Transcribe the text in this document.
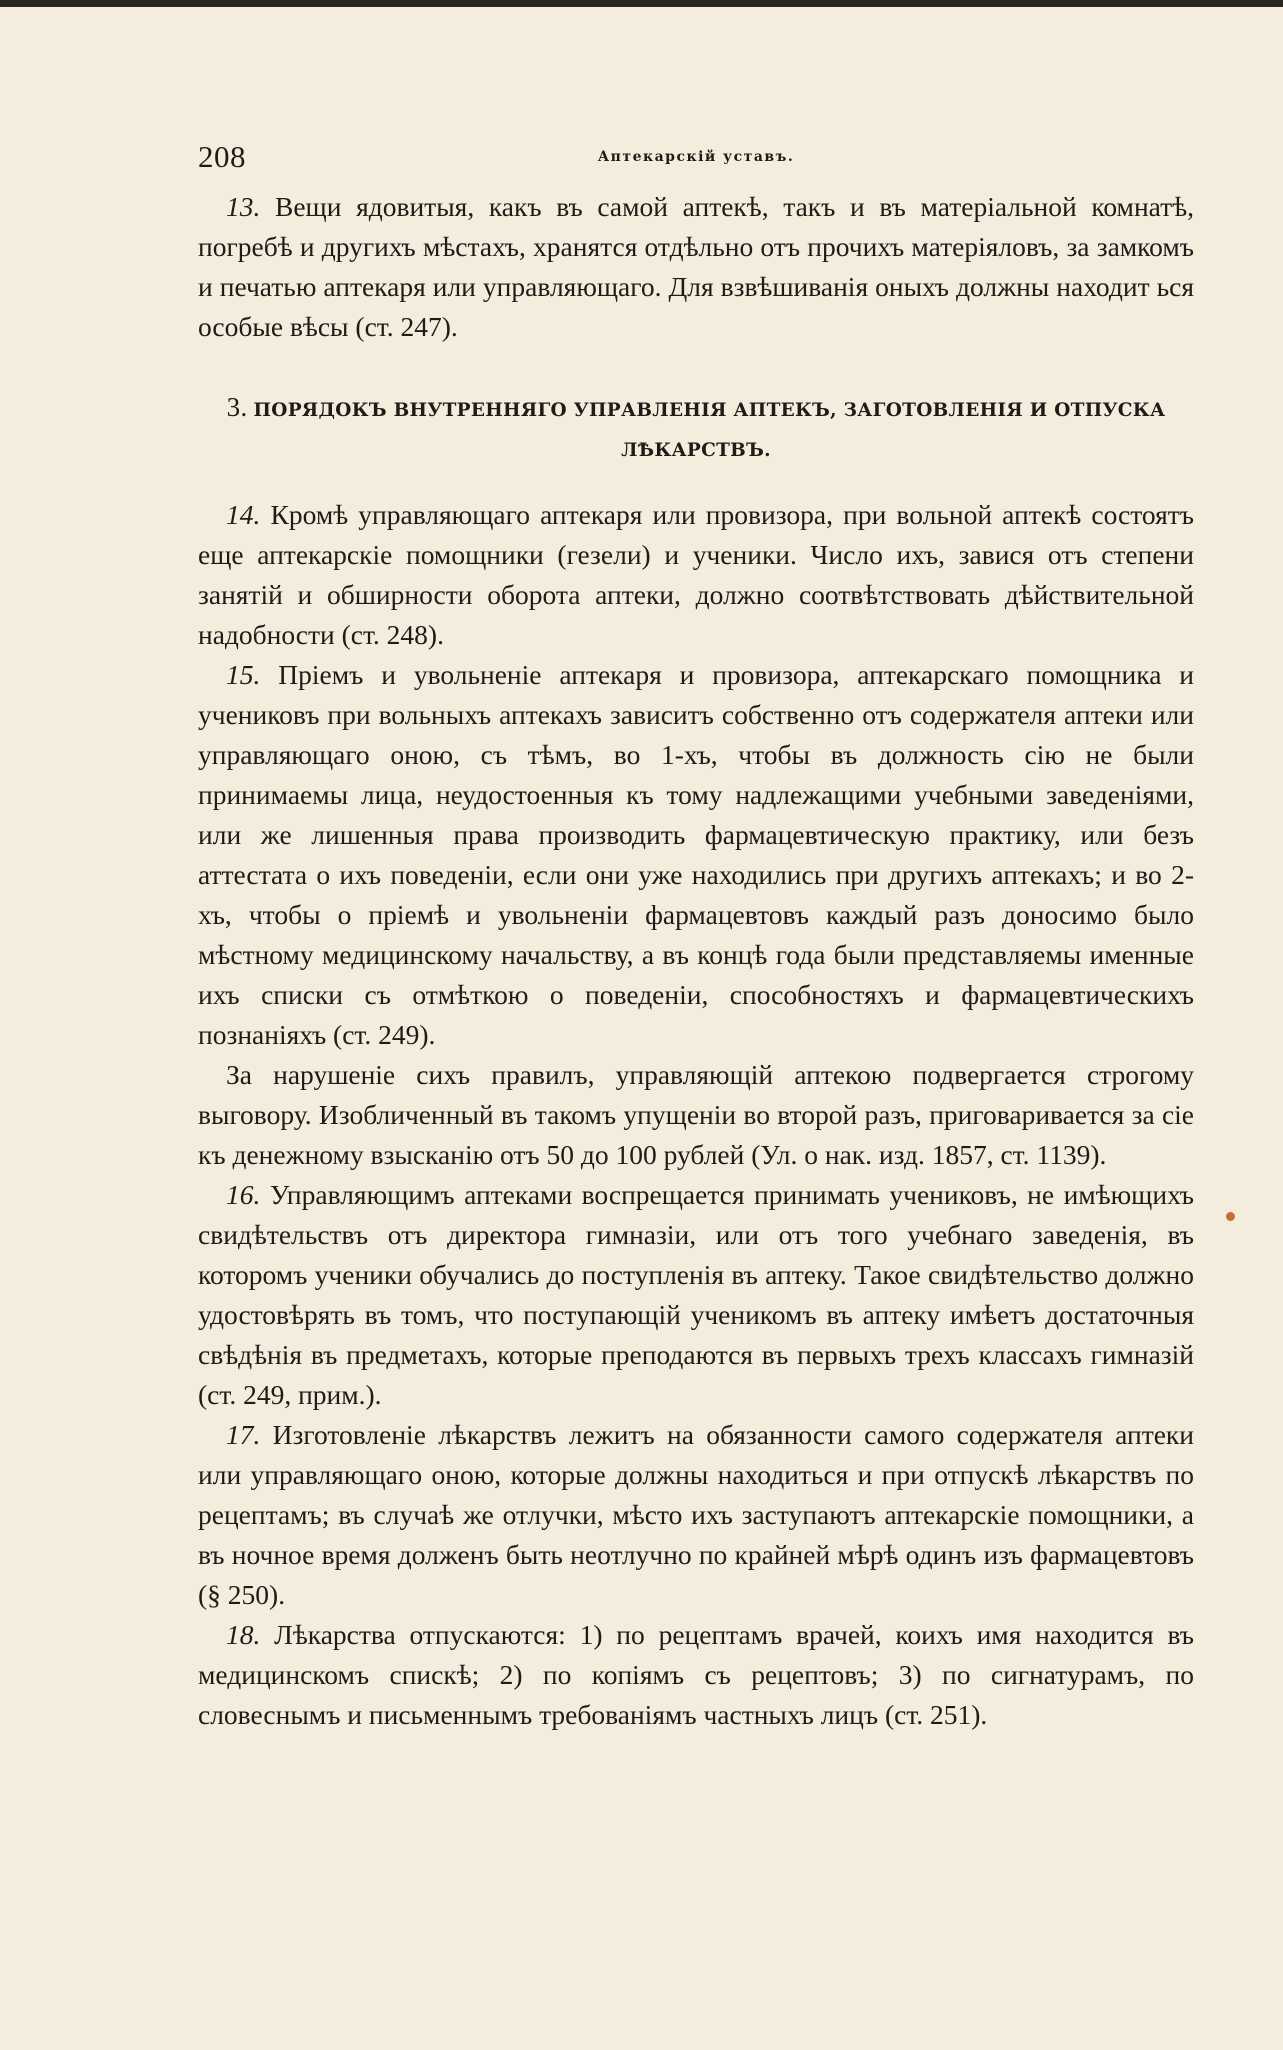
208	Аптекарскій уставъ.

13. Вещи ядовитыя, какъ въ самой аптекѣ, такъ и въ матеріальной комнатѣ, погребѣ и другихъ мѣстахъ, хранятся отдѣльно отъ прочихъ матеріяловъ, за замкомъ и печатью аптекаря или управляющаго. Для взвѣшиванія оныхъ должны находит ься особые вѣсы (ст. 247).

3. ПОРЯДОКЪ ВНУТРЕННЯГО УПРАВЛЕНІЯ АПТЕКЪ, ЗАГОТОВЛЕНІЯ И ОТПУСКА
ЛѢКАРСТВЪ.

14. Кромѣ управляющаго аптекаря или провизора, при вольной аптекѣ состоятъ еще аптекарскіе помощники (гезели) и ученики. Число ихъ, завися отъ степени занятій и обширности оборота аптеки, должно соотвѣтствовать дѣйствительной надобности (ст. 248).

15. Пріемъ и увольненіе аптекаря и провизора, аптекарскаго помощника и учениковъ при вольныхъ аптекахъ зависитъ собственно отъ содержателя аптеки или управляющаго оною, съ тѣмъ, во 1-хъ, чтобы въ должность сію не были принимаемы лица, неудостоенныя къ тому надлежащими учебными заведеніями, или же лишенныя права производить фармацевтическую практику, или безъ аттестата о ихъ поведеніи, если они уже находились при другихъ аптекахъ; и во 2-хъ, чтобы о пріемѣ и увольненіи фармацевтовъ каждый разъ доносимо было мѣстному медицинскому начальству, а въ концѣ года были представляемы именные ихъ списки съ отмѣткою о поведеніи, способностяхъ и фармацевтическихъ познаніяхъ (ст. 249).

За нарушеніе сихъ правилъ, управляющій аптекою подвергается строгому выговору. Изобличенный въ такомъ упущеніи во второй разъ, приговаривается за сіе къ денежному взысканію отъ 50 до 100 рублей (Ул. о нак. изд. 1857, ст. 1139).

16. Управляющимъ аптеками воспрещается принимать учениковъ, не имѣющихъ свидѣтельствъ отъ директора гимназіи, или отъ того учебнаго заведенія, въ которомъ ученики обучались до поступленія въ аптеку. Такое свидѣтельство должно удостовѣрять въ томъ, что поступающій ученикомъ въ аптеку имѣетъ достаточныя свѣдѣнія въ предметахъ, которые преподаются въ первыхъ трехъ классахъ гимназій (ст. 249, прим.).

17. Изготовленіе лѣкарствъ лежитъ на обязанности самого содержателя аптеки или управляющаго оною, которые должны находиться и при отпускѣ лѣкарствъ по рецептамъ; въ случаѣ же отлучки, мѣсто ихъ заступаютъ аптекарскіе помощники, а въ ночное время долженъ быть неотлучно по крайней мѣрѣ одинъ изъ фармацевтовъ (§ 250).

18. Лѣкарства отпускаются: 1) по рецептамъ врачей, коихъ имя находится въ медицинскомъ спискѣ; 2) по копіямъ съ рецептовъ; 3) по сигнатурамъ, по словеснымъ и письменнымъ требованіямъ частныхъ лицъ (ст. 251).
